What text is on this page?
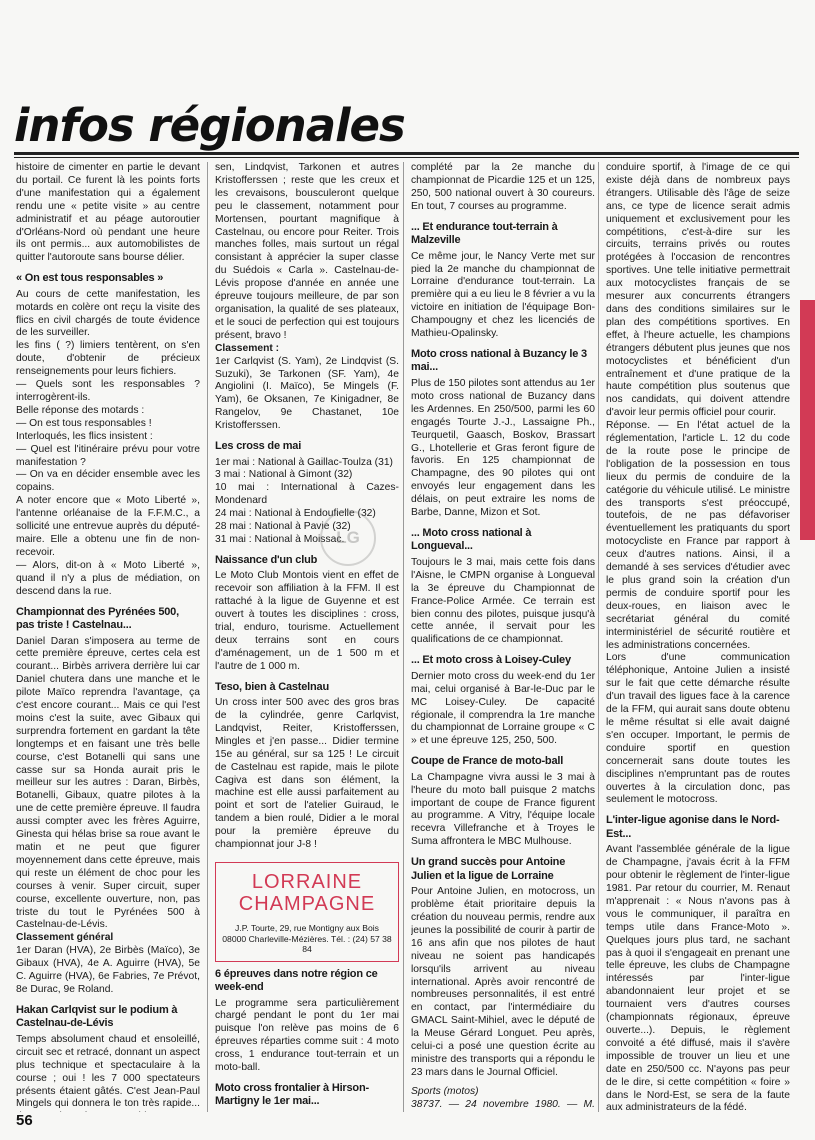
infos régionales

histoire de cimenter en partie le devant du portail. Ce furent là les points forts d'une manifestation qui a également rendu une « petite visite » au centre administratif et au péage autoroutier d'Orléans-Nord où pendant une heure ils ont permis... aux automobilistes de quitter l'autoroute sans bourse délier.

« On est tous responsables »

Au cours de cette manifestation, les motards en colère ont reçu la visite des flics en civil chargés de toute évidence de les surveiller.

les fins ( ?) limiers tentèrent, on s'en doute, d'obtenir de précieux renseignements pour leurs fichiers.

— Quels sont les responsables ? interrogèrent-ils.

Belle réponse des motards :

— On est tous responsables !

Interloqués, les flics insistent :

— Quel est l'itinéraire prévu pour votre manifestation ?

— On va en décider ensemble avec les copains.

A noter encore que « Moto Liberté », l'antenne orléanaise de la F.F.M.C., a sollicité une entrevue auprès du député-maire. Elle a obtenu une fin de non-recevoir.

— Alors, dit-on à « Moto Liberté », quand il n'y a plus de médiation, on descend dans la rue.

Championnat des Pyrénées 500, pas triste ! Castelnau...

Daniel Daran s'imposera au terme de cette première épreuve, certes cela est courant... Birbès arrivera derrière lui car Daniel chutera dans une manche et le pilote Maïco reprendra l'avantage, ça c'est encore courant... Mais ce qui l'est moins c'est la suite, avec Gibaux qui surprendra fortement en gardant la tête longtemps et en faisant une très belle course, c'est Botanelli qui sans une casse sur sa Honda aurait pris le meilleur sur les autres : Daran, Birbès, Botanelli, Gibaux, quatre pilotes à la une de cette première épreuve. Il faudra aussi compter avec les frères Aguirre, Ginesta qui hélas brise sa roue avant le matin et ne peut que figurer moyennement dans cette épreuve, mais qui reste un élément de choc pour les courses à venir. Super circuit, super course, excellente ouverture, non, pas triste du tout le Pyrénées 500 à Castelnau-de-Lévis.

Classement général

1er Daran (HVA), 2e Birbès (Maïco), 3e Gibaux (HVA), 4e A. Aguirre (HVA), 5e C. Aguirre (HVA), 6e Fabries, 7e Prévot, 8e Durac, 9e Roland.

Hakan Carlqvist sur le podium à Castelnau-de-Lévis

Temps absolument chaud et ensoleillé, circuit sec et retracé, donnant un aspect plus technique et spectaculaire à la course ; oui ! les 7 000 spectateurs présents étaient gâtés. C'est Jean-Paul Mingels qui donnera le ton très rapide...

sen, Lindqvist, Tarkonen et autres Kristofferssen ; reste que les creux et les crevaisons, bousculeront quelque peu le classement, notamment pour Mortensen, pourtant magnifique à Castelnau, ou encore pour Reiter. Trois manches folles, mais surtout un régal consistant à apprécier la super classe du Suédois « Carla ». Castelnau-de-Lévis propose d'année en année une épreuve toujours meilleure, de par son organisation, la qualité de ses plateaux, et le souci de perfection qui est toujours présent, bravo !

Classement :

1er Carlqvist (S. Yam), 2e Lindqvist (S. Suzuki), 3e Tarkonen (SF. Yam), 4e Angiolini (I. Maïco), 5e Mingels (F. Yam), 6e Oksanen, 7e Kinigadner, 8e Rangelov, 9e Chastanet, 10e Kristofferssen.

Les cross de mai

1er mai : National à Gaillac-Toulza (31)

3 mai : National à Gimont (32)

10 mai : International à Cazes-Mondenard

24 mai : National à Endoufielle (32)

28 mai : National à Pavie (32)

31 mai : National à Moissac.

Naissance d'un club

Le Moto Club Montois vient en effet de recevoir son affiliation à la FFM. Il est rattaché à la ligue de Guyenne et est ouvert à toutes les disciplines : cross, trial, enduro, tourisme. Actuellement deux terrains sont en cours d'aménagement, un de 1 500 m et l'autre de 1 000 m.

Teso, bien à Castelnau

Un cross inter 500 avec des gros bras de la cylindrée, genre Carlqvist, Landqvist, Reiter, Kristofferssen, Mingles et j'en passe... Didier termine 15e au général, sur sa 125 ! Le circuit de Castelnau est rapide, mais le pilote Cagiva est dans son élément, la machine est elle aussi parfaitement au point et sort de l'atelier Guiraud, le tandem a bien roulé, Didier a le moral pour la première épreuve du championnat jour J-8 !

LORRAINE
CHAMPAGNE
J.P. Tourte, 29, rue Montigny aux Bois
08000 Charleville-Mézières. Tél. : (24) 57 38 84
6 épreuves dans notre région ce week-end

Le programme sera particulièrement chargé pendant le pont du 1er mai puisque l'on relève pas moins de 6 épreuves réparties comme suit : 4 moto cross, 1 endurance tout-terrain et un moto-ball.

Moto cross frontalier à Hirson-Martigny le 1er mai...

complété par la 2e manche du championnat de Picardie 125 et un 125, 250, 500 national ouvert à 30 coureurs. En tout, 7 courses au programme.

... Et endurance tout-terrain à Malzeville

Ce même jour, le Nancy Verte met sur pied la 2e manche du championnat de Lorraine d'endurance tout-terrain. La première qui a eu lieu le 8 février a vu la victoire en initiation de l'équipage Bon-Champougny et chez les licenciés de Mathieu-Opalinsky.

Moto cross national à Buzancy le 3 mai...

Plus de 150 pilotes sont attendus au 1er moto cross national de Buzancy dans les Ardennes. En 250/500, parmi les 60 engagés Tourte J.-J., Lassaigne Ph., Teurquetil, Gaasch, Boskov, Brassart G., Lhotellerie et Gras feront figure de favoris. En 125 championnat de Champagne, des 90 pilotes qui ont envoyés leur engagement dans les délais, on peut extraire les noms de Barbe, Danne, Mizon et Sot.

... Moto cross national à Longueval...

Toujours le 3 mai, mais cette fois dans l'Aisne, le CMPN organise à Longueval la 3e épreuve du Championnat de France-Police Armée. Ce terrain est bien connu des pilotes, puisque jusqu'à cette année, il servait pour les qualifications de ce championnat.

... Et moto cross à Loisey-Culey

Dernier moto cross du week-end du 1er mai, celui organisé à Bar-le-Duc par le MC Loisey-Culey. De capacité régionale, il comprendra la 1re manche du championnat de Lorraine groupe « C » et une épreuve 125, 250, 500.

Coupe de France de moto-ball

La Champagne vivra aussi le 3 mai à l'heure du moto ball puisque 2 matchs important de coupe de France figurent au programme. A Vitry, l'équipe locale recevra Villefranche et à Troyes le Suma affrontera le MBC Mulhouse.

Un grand succès pour Antoine Julien et la ligue de Lorraine

Pour Antoine Julien, en motocross, un problème était prioritaire depuis la création du nouveau permis, rendre aux jeunes la possibilité de courir à partir de 16 ans afin que nos pilotes de haut niveau ne soient pas handicapés lorsqu'ils arrivent au niveau international. Après avoir rencontré de nombreuses personnalités, il est entré en contact, par l'intermédiaire du GMACL Saint-Mihiel, avec le député de la Meuse Gérard Longuet. Peu après, celui-ci a posé une question écrite au ministre des transports qui a répondu le 23 mars dans le Journal Officiel.

Sports (motos)

38737. — 24 novembre 1980. — M.

conduire sportif, à l'image de ce qui existe déjà dans de nombreux pays étrangers. Utilisable dès l'âge de seize ans, ce type de licence serait admis uniquement et exclusivement pour les compétitions, c'est-à-dire sur les circuits, terrains privés ou routes protégées à l'occasion de rencontres sportives. Une telle initiative permettrait aux motocyclistes français de se mesurer aux concurrents étrangers dans des conditions similaires sur le plan des compétitions sportives. En effet, à l'heure actuelle, les champions étrangers débutent plus jeunes que nos motocyclistes et bénéficient d'un entraînement et d'une pratique de la haute compétition plus soutenus que nos candidats, qui doivent attendre d'avoir leur permis officiel pour courir.

Réponse. — En l'état actuel de la réglementation, l'article L. 12 du code de la route pose le principe de l'obligation de la possession en tous lieux du permis de conduire de la catégorie du véhicule utilisé. Le ministre des transports s'est préoccupé, toutefois, de ne pas défavoriser éventuellement les pratiquants du sport motocycliste en France par rapport à ceux d'autres nations. Ainsi, il a demandé à ses services d'étudier avec le plus grand soin la création d'un permis de conduire sportif pour les deux-roues, en liaison avec le secrétariat général du comité interministériel de sécurité routière et les administrations concernées.

Lors d'une communication téléphonique, Antoine Julien a insisté sur le fait que cette démarche résulte d'un travail des ligues face à la carence de la FFM, qui aurait sans doute obtenu le même résultat si elle avait daigné s'en occuper. Important, le permis de conduire sportif en question concernerait sans doute toutes les disciplines n'empruntant pas de routes ouvertes à la circulation donc, pas seulement le motocross.

L'inter-ligue agonise dans le Nord-Est...

Avant l'assemblée générale de la ligue de Champagne, j'avais écrit à la FFM pour obtenir le règlement de l'inter-ligue 1981. Par retour du courrier, M. Renaut m'apprenait : « Nous n'avons pas à vous le communiquer, il paraîtra en temps utile dans France-Moto ». Quelques jours plus tard, ne sachant pas à quoi il s'engageait en prenant une telle épreuve, les clubs de Champagne intéressés par l'inter-ligue abandonnaient leur projet et se tournaient vers d'autres courses (championnats régionaux, épreuve ouverte...). Depuis, le règlement convoité a été diffusé, mais il s'avère impossible de trouver un lieu et une date en 250/500 cc. N'ayons pas peur de le dire, si cette compétition « foire » dans le Nord-Est, se sera de la faute aux administrateurs de la fédé.

LG
56
